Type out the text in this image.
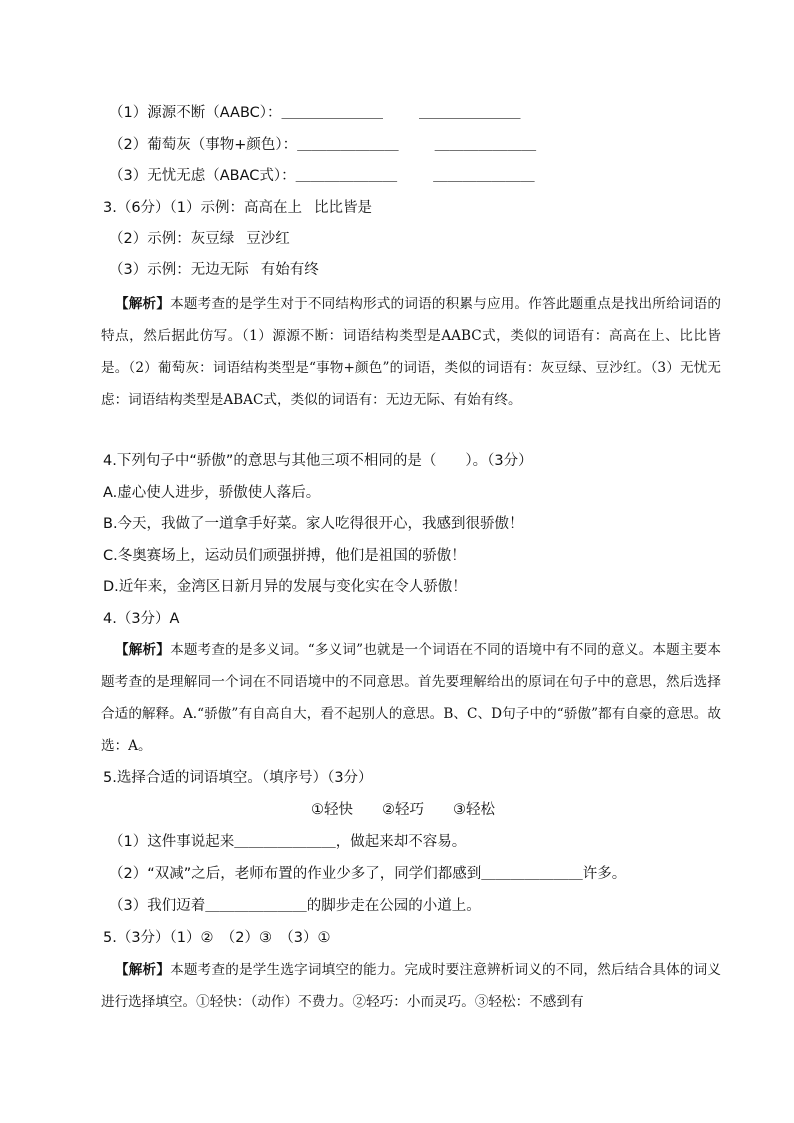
（1）源源不断（AABC）：＿＿＿＿＿＿＿ ＿＿＿＿＿＿＿
（2）葡萄灰（事物+颜色）：＿＿＿＿＿＿＿ ＿＿＿＿＿＿＿
（3）无忧无虑（ABAC式）：＿＿＿＿＿＿＿ ＿＿＿＿＿＿＿
3.（6分）（1）示例：高高在上 比比皆是
（2）示例：灰豆绿 豆沙红
（3）示例：无边无际 有始有终

【解析】本题考查的是学生对于不同结构形式的词语的积累与应用。作答此题重点是找出所给词语的特点，然后据此仿写。（1）源源不断：词语结构类型是AABC式，类似的词语有：高高在上、比比皆是。（2）葡萄灰：词语结构类型是“事物+颜色”的词语，类似的词语有：灰豆绿、豆沙红。（3）无忧无虑：词语结构类型是ABAC式，类似的词语有：无边无际、有始有终。

4.下列句子中“骄傲”的意思与其他三项不相同的是（　　）。（3分）
A.虚心使人进步，骄傲使人落后。
B.今天，我做了一道拿手好菜。家人吃得很开心，我感到很骄傲！
C.冬奥赛场上，运动员们顽强拼搏，他们是祖国的骄傲！
D.近年来，金湾区日新月异的发展与变化实在令人骄傲！
4.（3分）A

【解析】本题考查的是多义词。“多义词”也就是一个词语在不同的语境中有不同的意义。本题主要本题考查的是理解同一个词在不同语境中的不同意思。首先要理解给出的原词在句子中的意思，然后选择合适的解释。A.“骄傲”有自高自大，看不起别人的意思。B、C、D句子中的“骄傲”都有自豪的意思。故选：A。

5.选择合适的词语填空。（填序号）（3分）
①轻快　　②轻巧　　③轻松
（1）这件事说起来＿＿＿＿＿＿＿，做起来却不容易。
（2）“双减”之后，老师布置的作业少多了，同学们都感到＿＿＿＿＿＿＿许多。
（3）我们迈着＿＿＿＿＿＿＿的脚步走在公园的小道上。
5.（3分）（1）②　（2）③　（3）①

【解析】本题考查的是学生选字词填空的能力。完成时要注意辨析词义的不同，然后结合具体的词义进行选择填空。①轻快：（动作）不费力。②轻巧：小而灵巧。③轻松：不感到有
